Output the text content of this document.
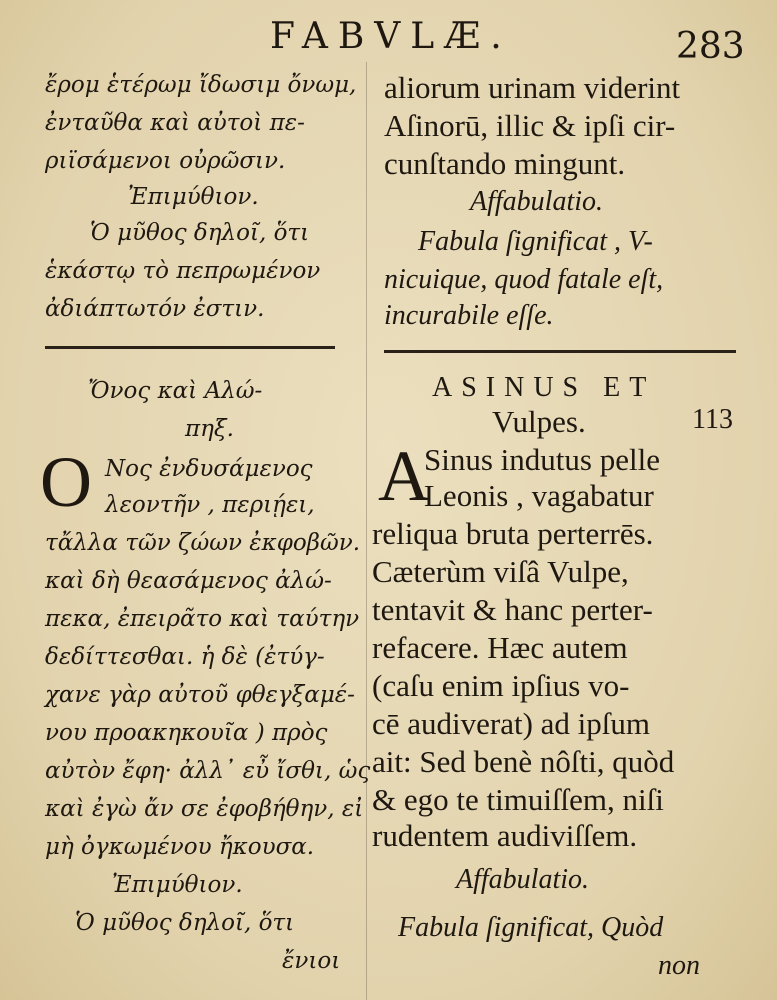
FABVLÆ.	283
ἔρομ ἑτέρωμ ἴδωσιμ ὄνωμ,
ἐνταῦθα καὶ αὐτοὶ πε-
ριϊσάμενοι οὐρῶσιν.
Ἐπιμύθιον.
Ὁ μῦθος δηλοῖ, ὅτι
ἑκάστῳ τὸ πεπρωμένον
ἀδιάπτωτόν ἐστιν.
Ὄνος καὶ Αλώ-
πηξ.
O Νος ἐνδυσάμενος
λεοντῆν , περιῄει,
τἄλλα τῶν ζώων ἐκφοβῶν.
καὶ δὴ θεασάμενος ἀλώ-
πεκα, ἐπειρᾶτο καὶ ταύτην
δεδίττεσθαι. ἡ δὲ (ἐτύγ-
χανε γὰρ αὐτοῦ φθεγξαμέ-
νου προακηκουῖα ) πρὸς
αὐτὸν ἔφη· ἀλλ᾽ εὖ ἴσθι, ὡς
καὶ ἐγὼ ἄν σε ἐφοβήθην, εἰ
μὴ ὀγκωμένου ἤκουσα.
Ἐπιμύθιον.
Ὁ μῦθος δηλοῖ, ὅτι
ἔνιοι
aliorum urinam viderint
Aſinorū, illic & ipſi cir-
cunſtando mingunt.
Affabulatio.
Fabula ſignificat , V-
nicuique, quod fatale eſt,
incurabile eſſe.
ASINUS ET
Vulpes.	113
A
Sinus indutus pelle
Leonis , vagabatur
reliqua bruta perterrēs.
Cæterùm viſâ Vulpe,
tentavit & hanc perter-
refacere. Hæc autem
(caſu enim ipſius vo-
cē audiverat) ad ipſum
ait: Sed benè nôſti, quòd
& ego te timuiſſem, niſi
rudentem audiviſſem.
Affabulatio.
Fabula ſignificat, Quòd
non
